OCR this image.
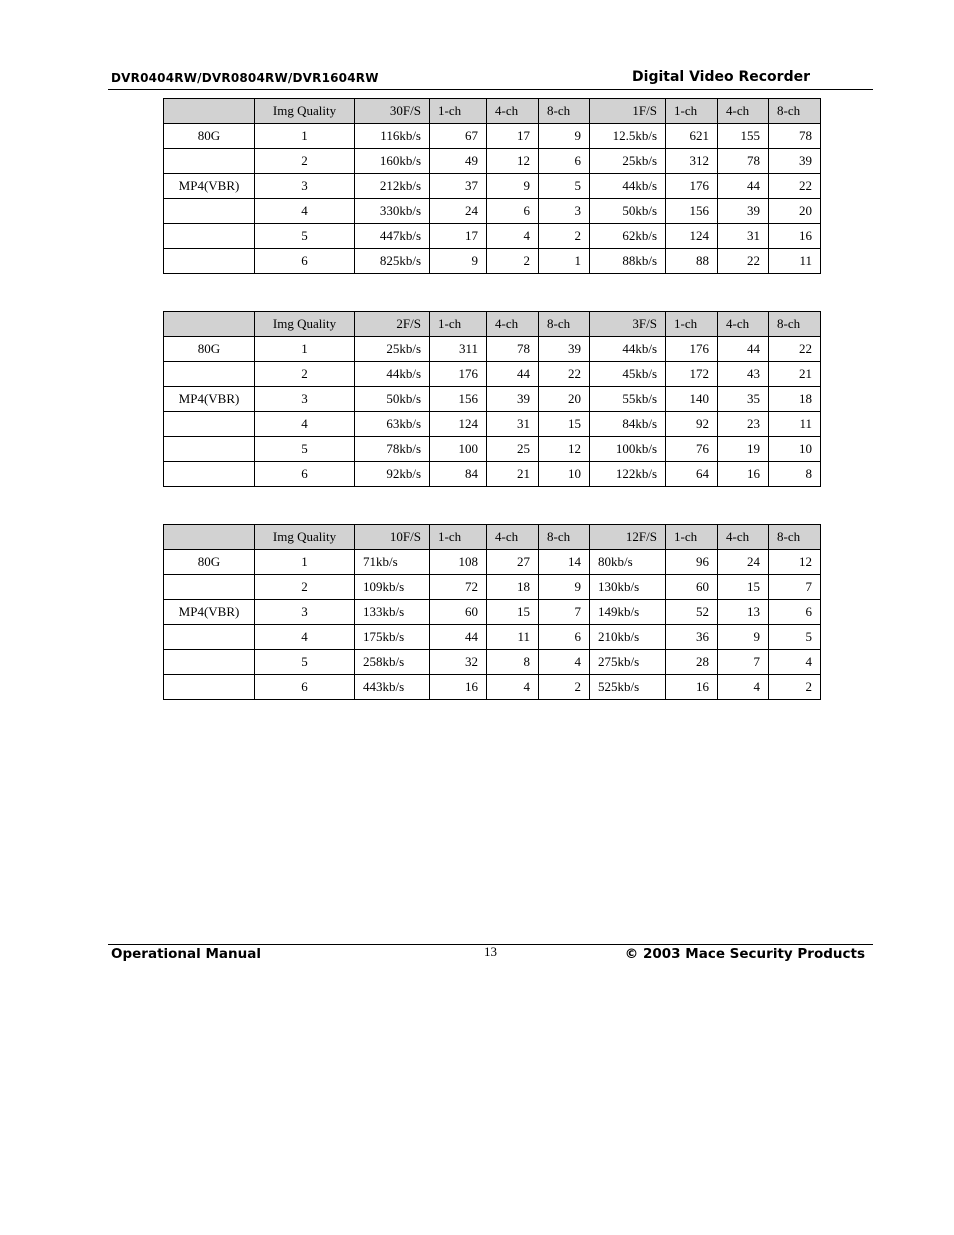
DVR0404RW/DVR0804RW/DVR1604RW	Digital Video Recorder
	Img Quality	30F/S	1-ch	4-ch	8-ch	1F/S	1-ch	4-ch	8-ch
80G	1	116kb/s	67	17	9	12.5kb/s	621	155	78
	2	160kb/s	49	12	6	25kb/s	312	78	39
MP4(VBR)	3	212kb/s	37	9	5	44kb/s	176	44	22
	4	330kb/s	24	6	3	50kb/s	156	39	20
	5	447kb/s	17	4	2	62kb/s	124	31	16
	6	825kb/s	9	2	1	88kb/s	88	22	11
	Img Quality	2F/S	1-ch	4-ch	8-ch	3F/S	1-ch	4-ch	8-ch
80G	1	25kb/s	311	78	39	44kb/s	176	44	22
	2	44kb/s	176	44	22	45kb/s	172	43	21
MP4(VBR)	3	50kb/s	156	39	20	55kb/s	140	35	18
	4	63kb/s	124	31	15	84kb/s	92	23	11
	5	78kb/s	100	25	12	100kb/s	76	19	10
	6	92kb/s	84	21	10	122kb/s	64	16	8
	Img Quality	10F/S	1-ch	4-ch	8-ch	12F/S	1-ch	4-ch	8-ch
80G	1	71kb/s	108	27	14	80kb/s	96	24	12
	2	109kb/s	72	18	9	130kb/s	60	15	7
MP4(VBR)	3	133kb/s	60	15	7	149kb/s	52	13	6
	4	175kb/s	44	11	6	210kb/s	36	9	5
	5	258kb/s	32	8	4	275kb/s	28	7	4
	6	443kb/s	16	4	2	525kb/s	16	4	2
Operational Manual	13	© 2003 Mace Security Products
